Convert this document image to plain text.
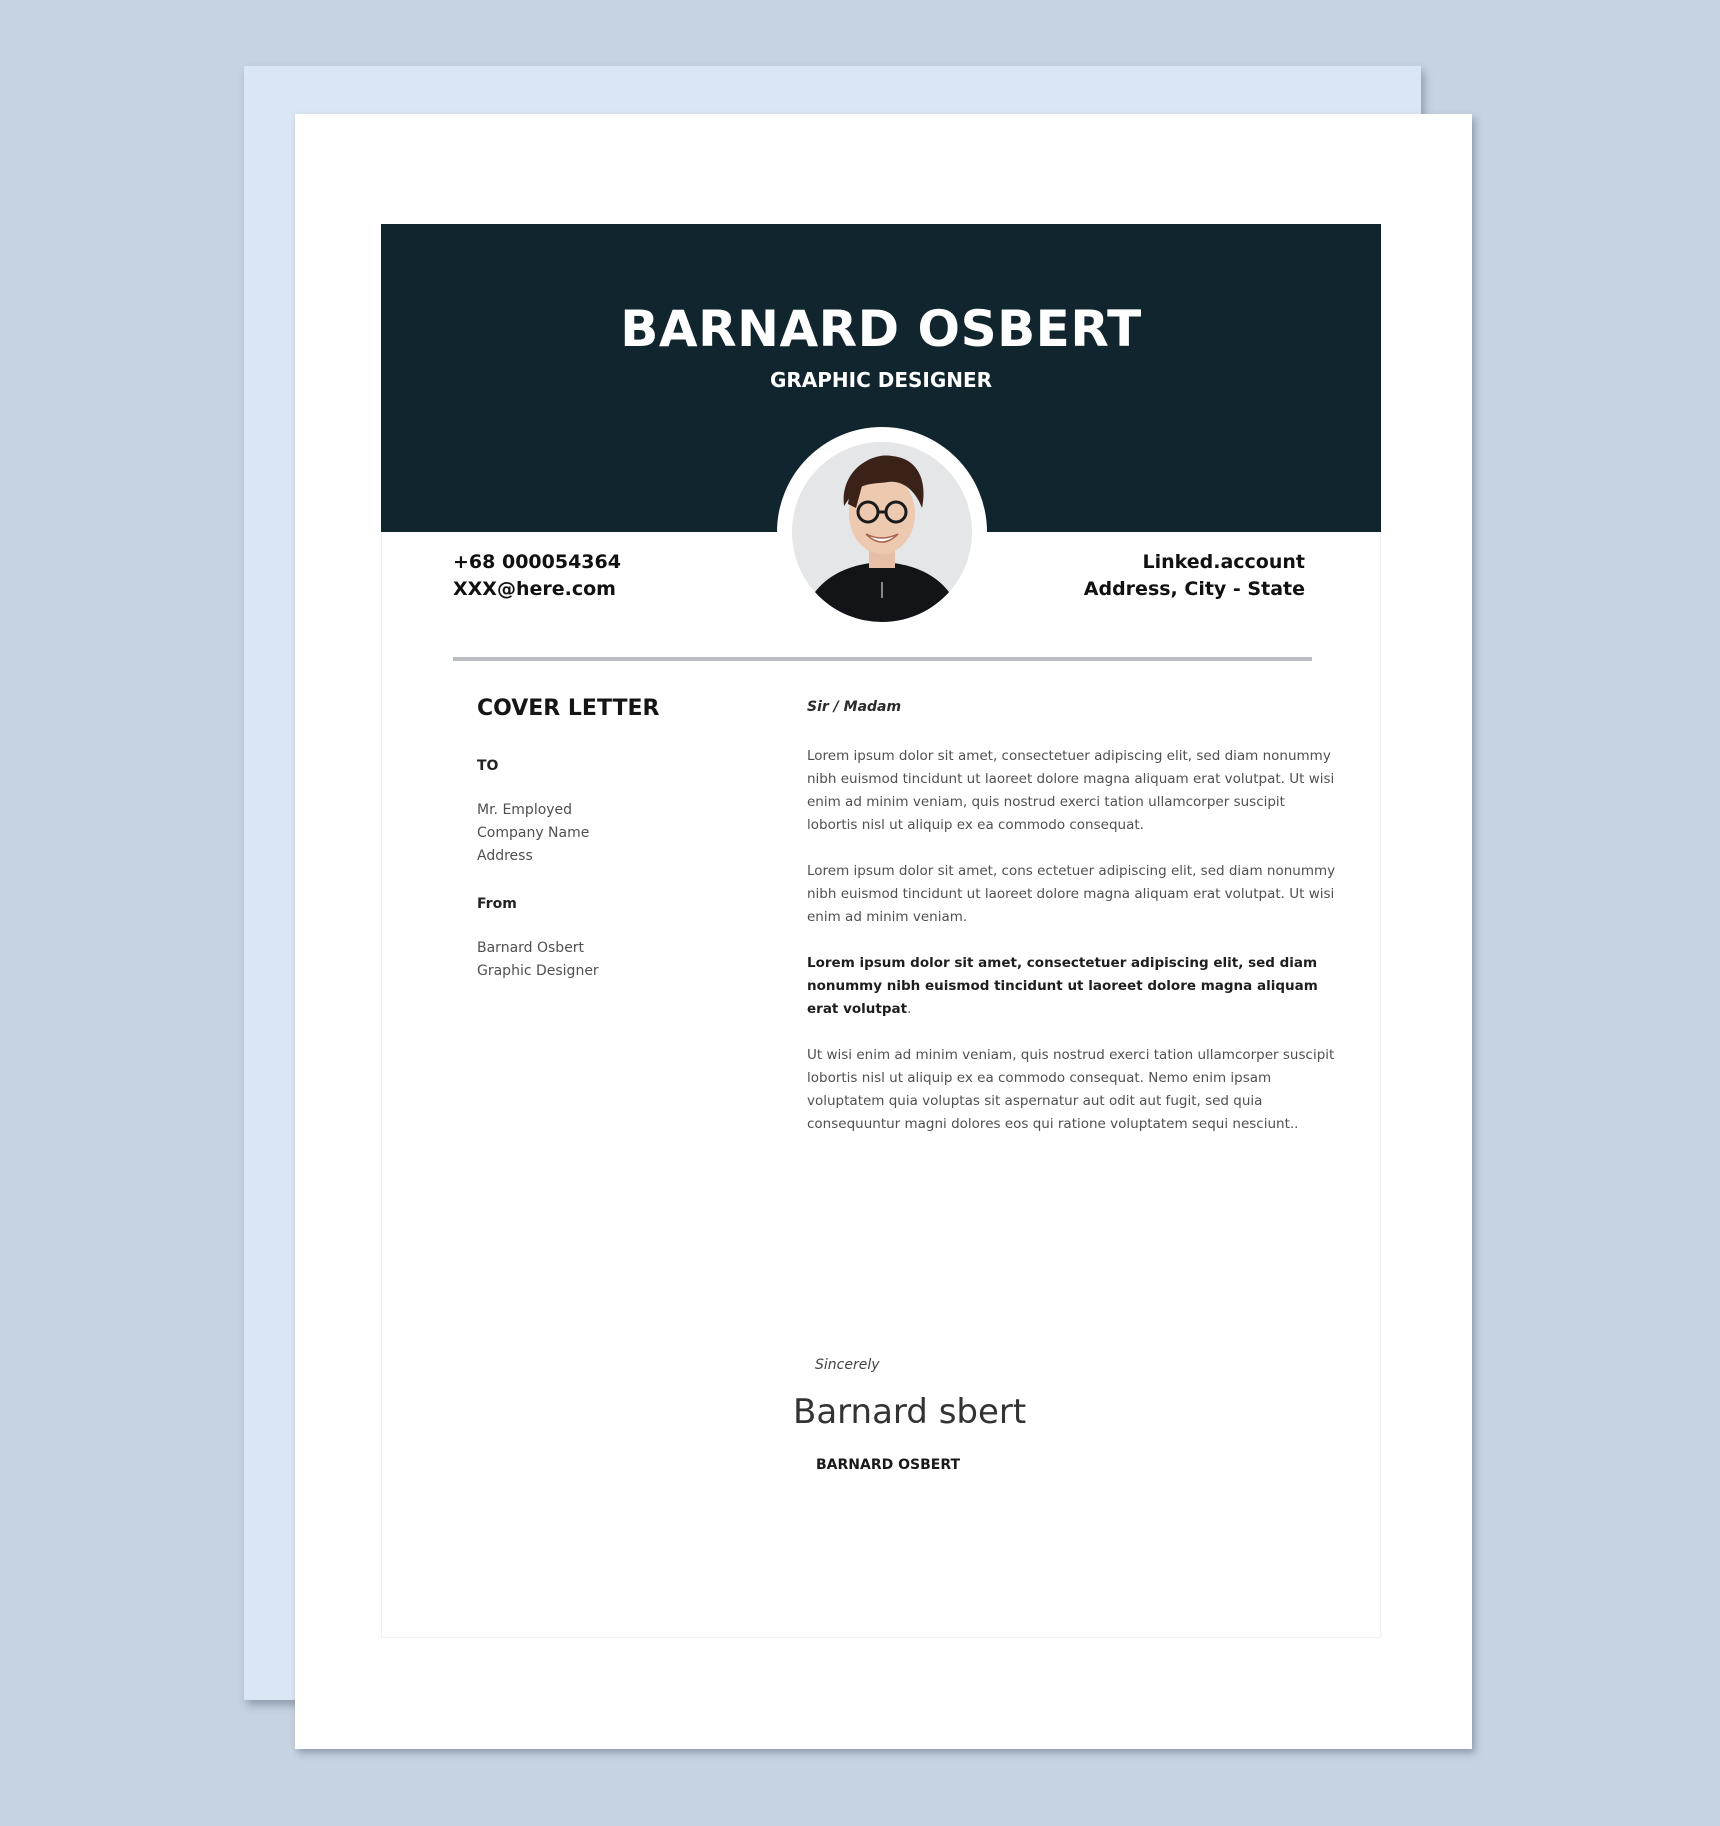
BARNARD OSBERT
GRAPHIC DESIGNER
+68 000054364
XXX@here.com
Linked.account
Address, City - State
COVER LETTER
TO
Mr. Employed
Company Name
Address
From
Barnard Osbert
Graphic Designer
Sir / Madam
Lorem ipsum dolor sit amet, consectetuer adipiscing elit, sed diam nonummy nibh euismod tincidunt ut laoreet dolore magna aliquam erat volutpat. Ut wisi enim ad minim veniam, quis nostrud exerci tation ullamcorper suscipit lobortis nisl ut aliquip ex ea commodo consequat.
Lorem ipsum dolor sit amet, cons ectetuer adipiscing elit, sed diam nonummy nibh euismod tincidunt ut laoreet dolore magna aliquam erat volutpat. Ut wisi enim ad minim veniam.
Lorem ipsum dolor sit amet, consectetuer adipiscing elit, sed diam nonummy nibh euismod tincidunt ut laoreet dolore magna aliquam erat volutpat.
Ut wisi enim ad minim veniam, quis nostrud exerci tation ullamcorper suscipit lobortis nisl ut aliquip ex ea commodo consequat. Nemo enim ipsam voluptatem quia voluptas sit aspernatur aut odit aut fugit, sed quia consequuntur magni dolores eos qui ratione voluptatem sequi nesciunt..
Sincerely
Barnard sbert
BARNARD OSBERT
